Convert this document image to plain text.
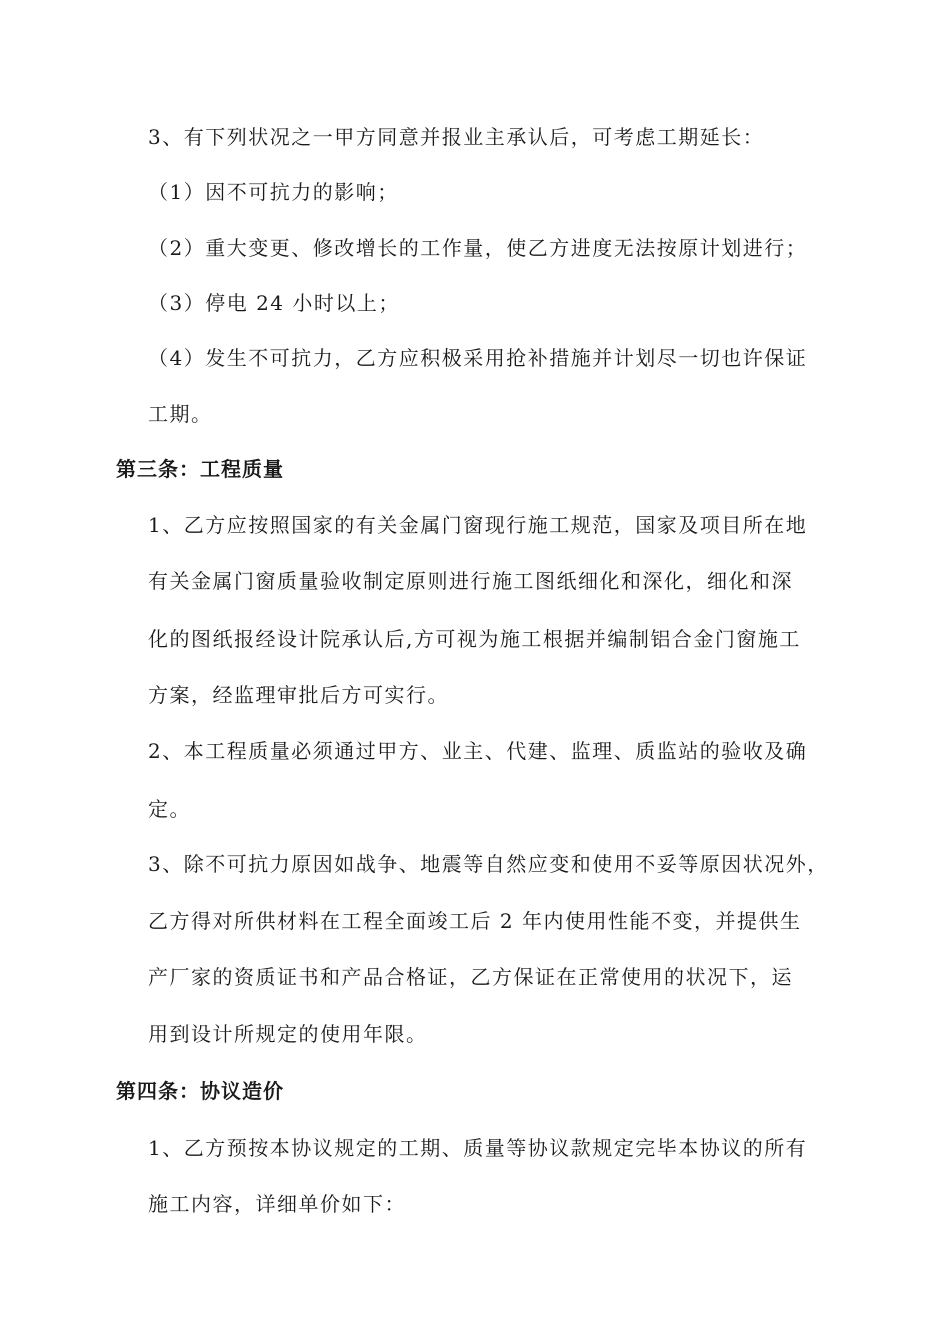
3、有下列状况之一甲方同意并报业主承认后，可考虑工期延长：
（1）因不可抗力的影响；
（2）重大变更、修改增长的工作量，使乙方进度无法按原计划进行；
（3）停电 24 小时以上；
（4）发生不可抗力，乙方应积极采用抢补措施并计划尽一切也许保证
工期。
第三条：工程质量
1、乙方应按照国家的有关金属门窗现行施工规范，国家及项目所在地
有关金属门窗质量验收制定原则进行施工图纸细化和深化，细化和深
化的图纸报经设计院承认后,方可视为施工根据并编制铝合金门窗施工
方案，经监理审批后方可实行。
2、本工程质量必须通过甲方、业主、代建、监理、质监站的验收及确
定。
3、除不可抗力原因如战争、地震等自然应变和使用不妥等原因状况外，
乙方得对所供材料在工程全面竣工后 2 年内使用性能不变，并提供生
产厂家的资质证书和产品合格证，乙方保证在正常使用的状况下，运
用到设计所规定的使用年限。
第四条：协议造价
1、乙方预按本协议规定的工期、质量等协议款规定完毕本协议的所有
施工内容，详细单价如下：
